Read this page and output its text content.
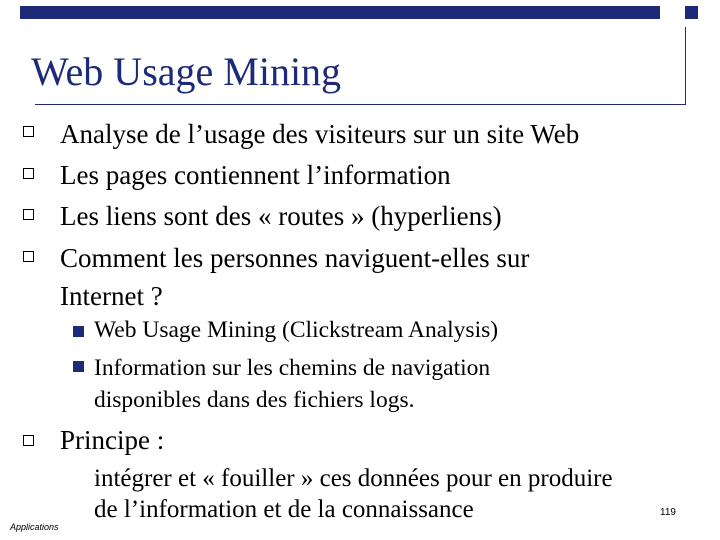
Web Usage Mining
Analyse de l’usage des visiteurs sur un site Web
Les pages contiennent l’information
Les liens sont des « routes » (hyperliens)
Comment les personnes naviguent-elles sur
Internet ?
Web Usage Mining (Clickstream Analysis)
Information sur les chemins de navigation
disponibles dans des fichiers logs.
Principe :
intégrer et « fouiller » ces données pour en produire
de l’information et de la connaissance
Applications
119
